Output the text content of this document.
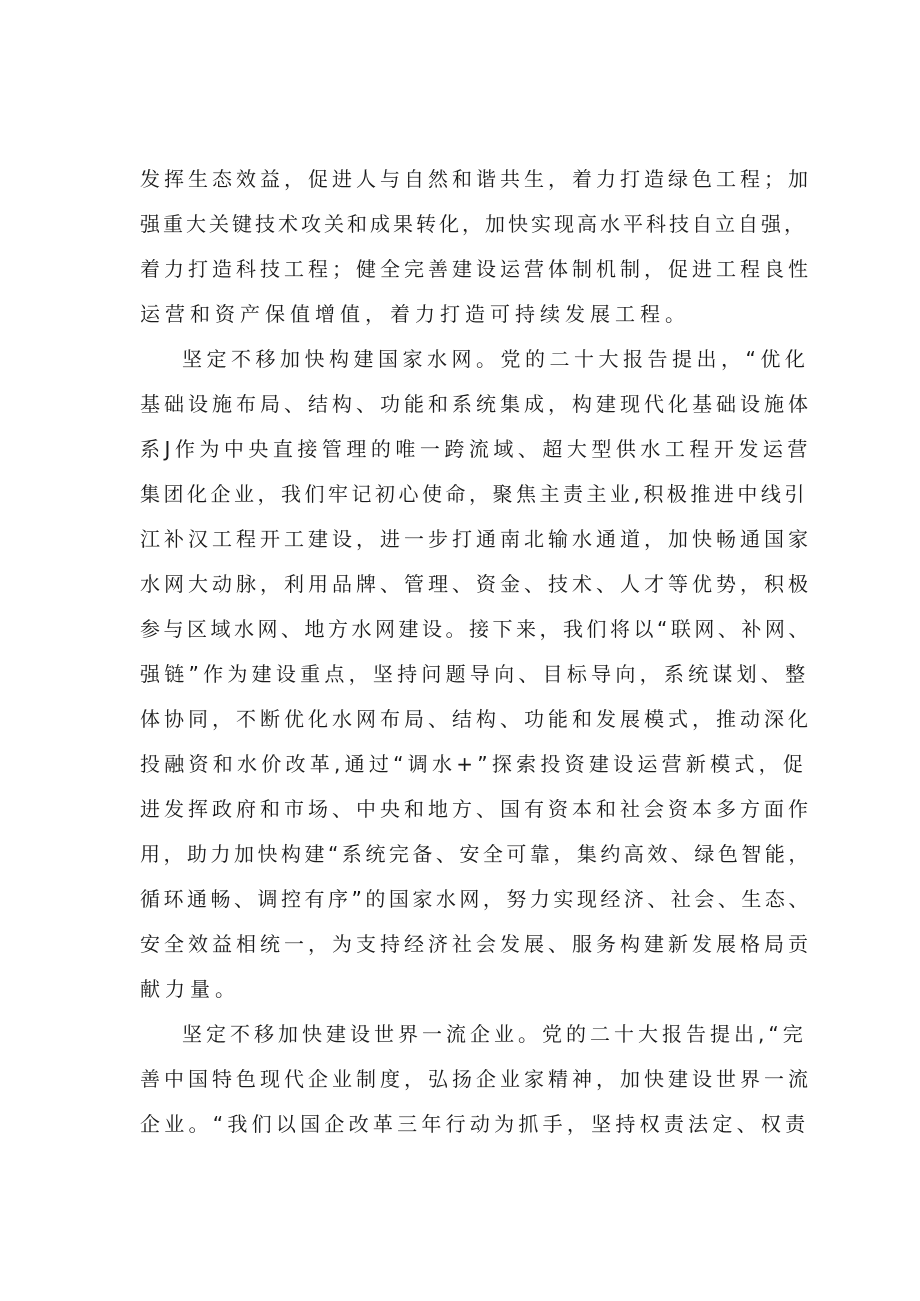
发挥生态效益，促进人与自然和谐共生，着力打造绿色工程；加
强重大关键技术攻关和成果转化，加快实现高水平科技自立自强，
着力打造科技工程；健全完善建设运营体制机制，促进工程良性
运营和资产保值增值，着力打造可持续发展工程。
坚定不移加快构建国家水网。党的二十大报告提出，“优化
基础设施布局、结构、功能和系统集成，构建现代化基础设施体
系J作为中央直接管理的唯一跨流域、超大型供水工程开发运营
集团化企业，我们牢记初心使命，聚焦主责主业,积极推进中线引
江补汉工程开工建设，进一步打通南北输水通道，加快畅通国家
水网大动脉，利用品牌、管理、资金、技术、人才等优势，积极
参与区域水网、地方水网建设。接下来，我们将以“联网、补网、
强链”作为建设重点，坚持问题导向、目标导向，系统谋划、整
体协同，不断优化水网布局、结构、功能和发展模式，推动深化
投融资和水价改革,通过“调水+”探索投资建设运营新模式，促
进发挥政府和市场、中央和地方、国有资本和社会资本多方面作
用，助力加快构建“系统完备、安全可靠，集约高效、绿色智能，
循环通畅、调控有序”的国家水网，努力实现经济、社会、生态、
安全效益相统一，为支持经济社会发展、服务构建新发展格局贡
献力量。
坚定不移加快建设世界一流企业。党的二十大报告提出,“完
善中国特色现代企业制度，弘扬企业家精神，加快建设世界一流
企业。“我们以国企改革三年行动为抓手，坚持权责法定、权责
